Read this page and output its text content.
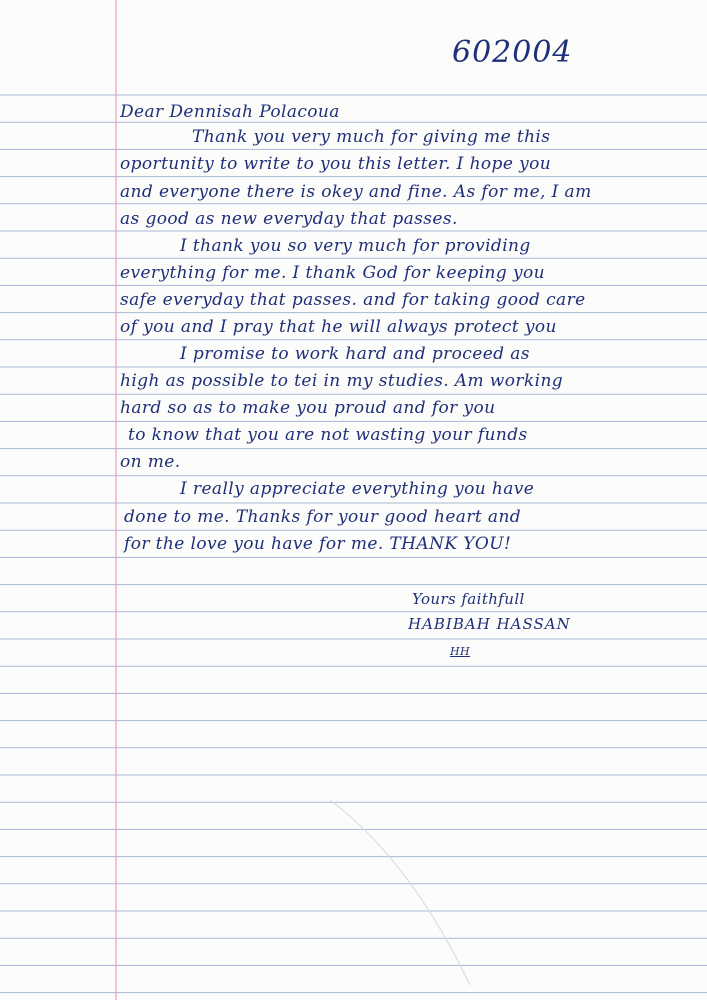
602004
Dear Dennisah Polacoua
Thank you very much for giving me this
oportunity to write to you this letter. I hope you
and everyone there is okey and fine. As for me, I am
as good as new everyday that passes.
I thank you so very much for providing
everything for me. I thank God for keeping you
safe everyday that passes. and for taking good care
of you and I pray that he will always protect you
I promise to work hard and proceed as
high as possible to tei in my studies. Am working
hard so as to make you proud and for you
to know that you are not wasting your funds
on me.
I really appreciate everything you have
done to me. Thanks for your good heart and
for the love you have for me. THANK YOU!
Yours faithfull
HABIBAH HASSAN
HH
